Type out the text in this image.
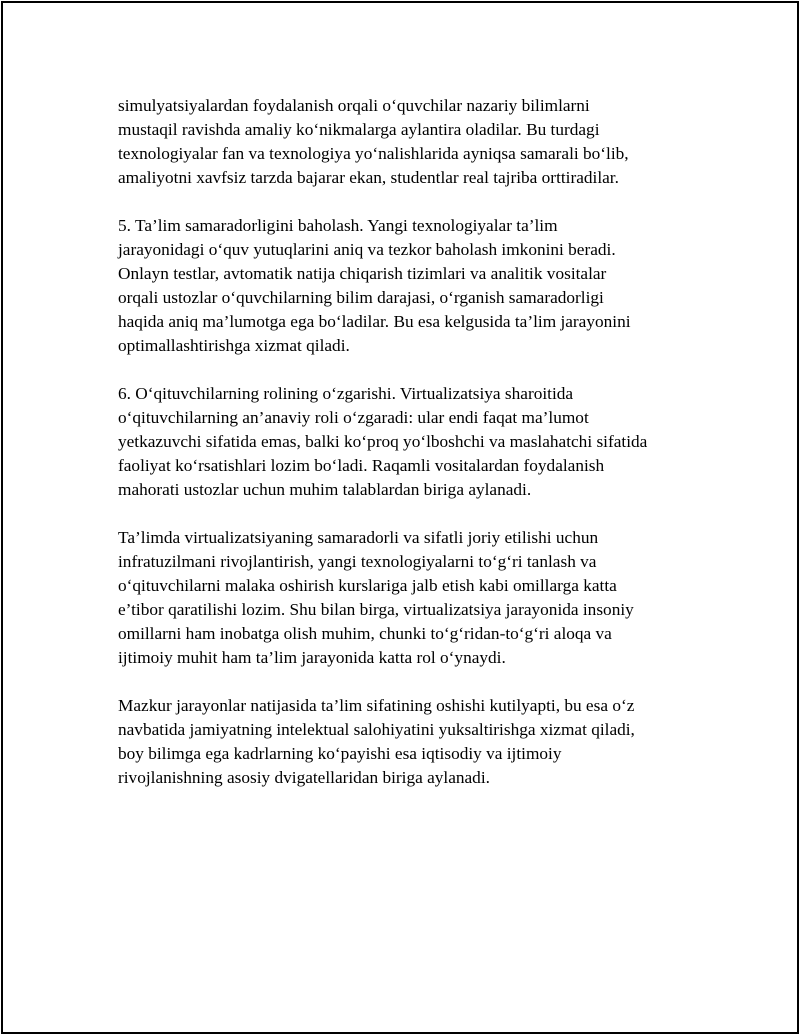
simulyatsiyalardan foydalanish orqali o‘quvchilar nazariy bilimlarni
mustaqil ravishda amaliy ko‘nikmalarga aylantira oladilar. Bu turdagi
texnologiyalar fan va texnologiya yo‘nalishlarida ayniqsa samarali bo‘lib,
amaliyotni xavfsiz tarzda bajarar ekan, studentlar real tajriba orttiradilar.

5. Ta’lim samaradorligini baholash. Yangi texnologiyalar ta’lim
jarayonidagi o‘quv yutuqlarini aniq va tezkor baholash imkonini beradi.
Onlayn testlar, avtomatik natija chiqarish tizimlari va analitik vositalar
orqali ustozlar o‘quvchilarning bilim darajasi, o‘rganish samaradorligi
haqida aniq ma’lumotga ega bo‘ladilar. Bu esa kelgusida ta’lim jarayonini
optimallashtirishga xizmat qiladi.

6. O‘qituvchilarning rolining o‘zgarishi. Virtualizatsiya sharoitida
o‘qituvchilarning an’anaviy roli o‘zgaradi: ular endi faqat ma’lumot
yetkazuvchi sifatida emas, balki ko‘proq yo‘lboshchi va maslahatchi sifatida
faoliyat ko‘rsatishlari lozim bo‘ladi. Raqamli vositalardan foydalanish
mahorati ustozlar uchun muhim talablardan biriga aylanadi.

Ta’limda virtualizatsiyaning samaradorli va sifatli joriy etilishi uchun
infratuzilmani rivojlantirish, yangi texnologiyalarni to‘g‘ri tanlash va
o‘qituvchilarni malaka oshirish kurslariga jalb etish kabi omillarga katta
e’tibor qaratilishi lozim. Shu bilan birga, virtualizatsiya jarayonida insoniy
omillarni ham inobatga olish muhim, chunki to‘g‘ridan-to‘g‘ri aloqa va
ijtimoiy muhit ham ta’lim jarayonida katta rol o‘ynaydi.

Mazkur jarayonlar natijasida ta’lim sifatining oshishi kutilyapti, bu esa o‘z
navbatida jamiyatning intelektual salohiyatini yuksaltirishga xizmat qiladi,
boy bilimga ega kadrlarning ko‘payishi esa iqtisodiy va ijtimoiy
rivojlanishning asosiy dvigatellaridan biriga aylanadi.
